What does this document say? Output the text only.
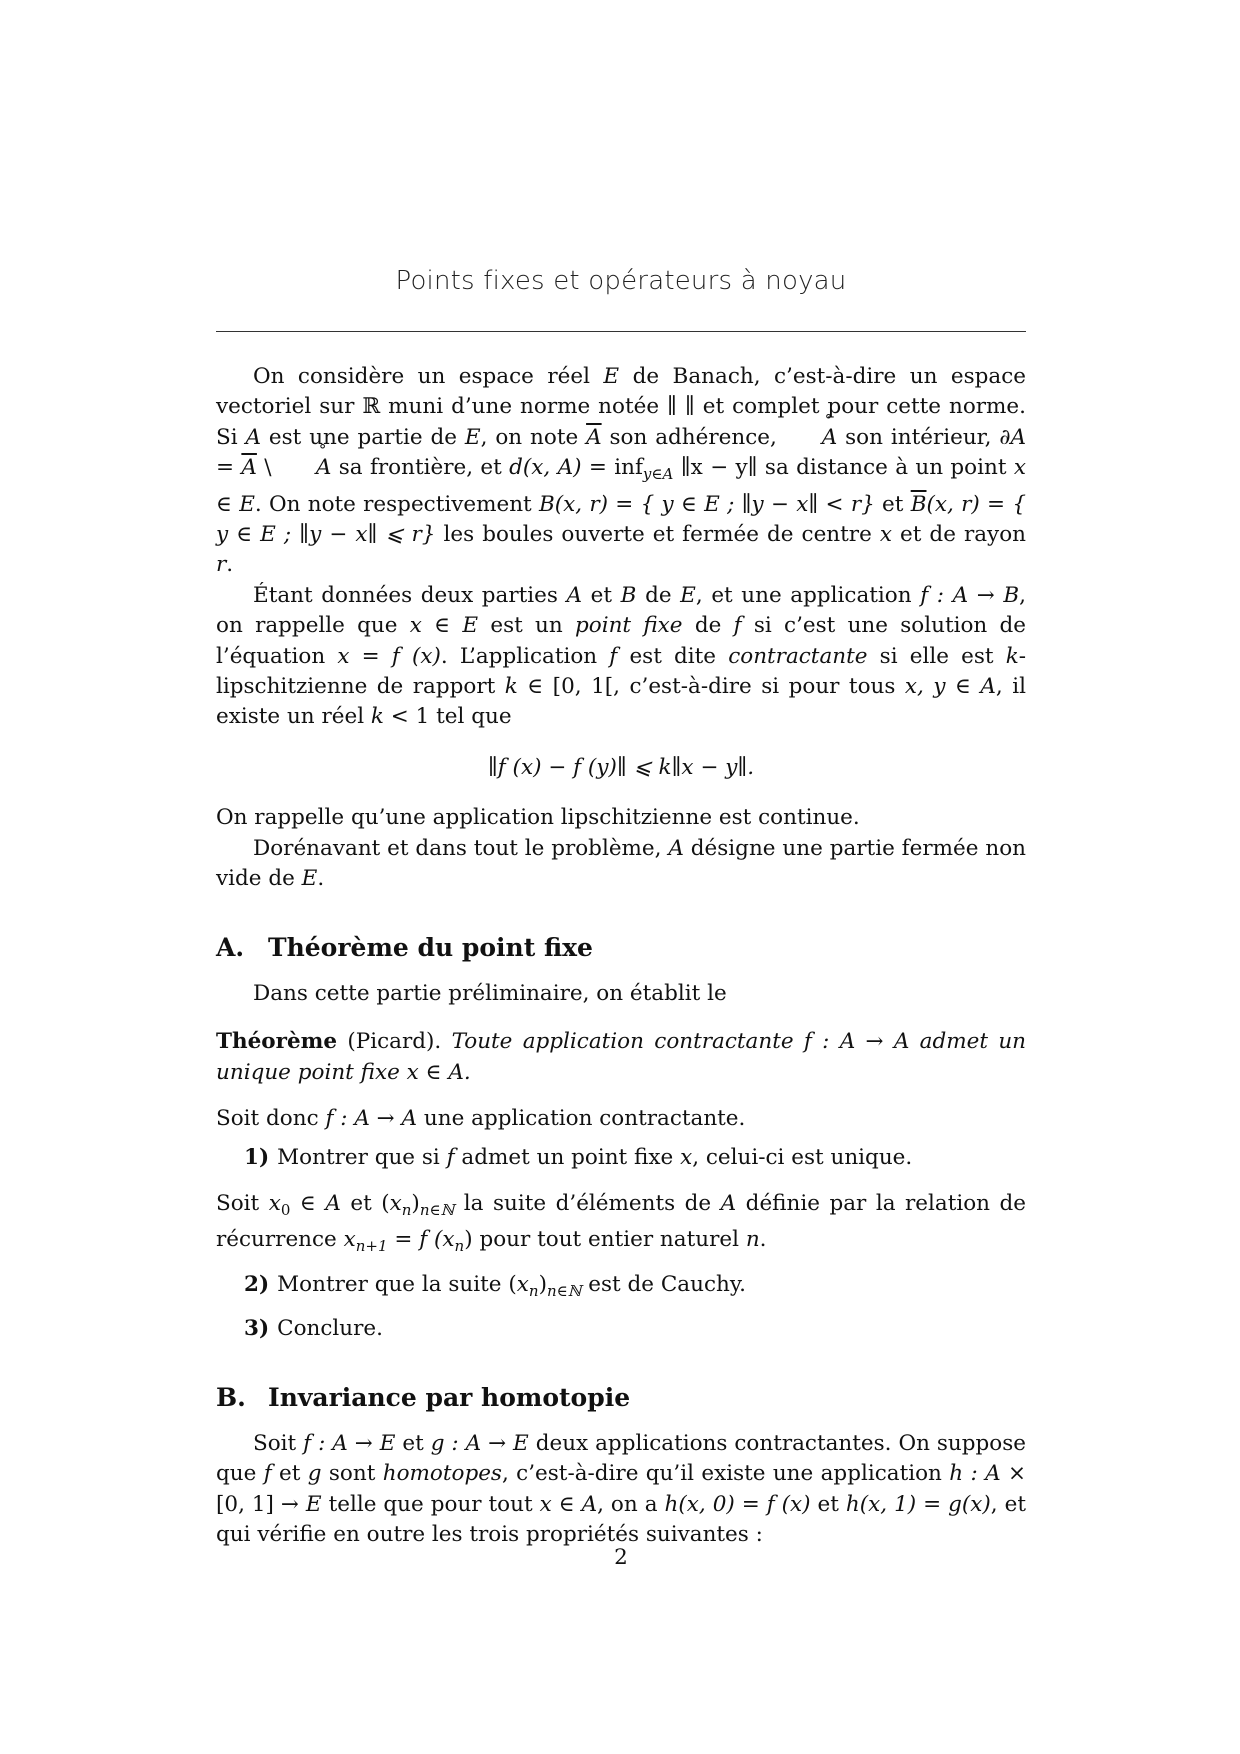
Points fixes et opérateurs à noyau

On considère un espace réel E de Banach, c’est-à-dire un espace vectoriel sur ℝ muni d’une norme notée ∥ ∥ et complet pour cette norme. Si A est une partie de E, on note $\overline{A}$ son adhérence, ° A son intérieur, $\partial A = \overline{A}$ \ ° A sa frontière, et d(x, A) = inf$_{y\in A}$ ∥x − y∥ sa distance à un point x ∈ E. On note respectivement B(x, r) = { y ∈ E ; ∥y − x∥ < r} et $\overline{B}(x$, r) = { y ∈ E ; ∥y − x∥ ⩽ r} les boules ouverte et fermée de centre x et de rayon r.

Étant données deux parties A et B de E, et une application f : A → B, on rappelle que x ∈ E est un point fixe de f si c’est une solution de l’équation x = f (x). L’application f est dite contractante si elle est k-lipschitzienne de rapport k ∈ [0, 1[, c’est-à-dire si pour tous x, y ∈ A, il existe un réel k < 1 tel que

∥f (x) − f (y)∥ ⩽ k∥x − y∥.

On rappelle qu’une application lipschitzienne est continue.

Dorénavant et dans tout le problème, A désigne une partie fermée non vide de E.

A. Théorème du point fixe

Dans cette partie préliminaire, on établit le

Théorème (Picard). Toute application contractante f : A → A admet un unique point fixe x ∈ A.

Soit donc f : A → A une application contractante.

1) Montrer que si f admet un point fixe x, celui-ci est unique.

Soit $x_0$ ∈ A et $(x_n)_{n\in ℕ}$ la suite d’éléments de A définie par la relation de récurrence $x_{n+1} = f$ $(x_n)$ pour tout entier naturel n.

2) Montrer que la suite $(x_n)_{n\in ℕ}$ est de Cauchy.

3) Conclure.

B. Invariance par homotopie

Soit f : A → E et g : A → E deux applications contractantes. On suppose que f et g sont homotopes, c’est-à-dire qu’il existe une application h : A × [0, 1] → E telle que pour tout x ∈ A, on a h(x, 0) = f (x) et h(x, 1) = g(x), et qui vérifie en outre les trois propriétés suivantes :

2
